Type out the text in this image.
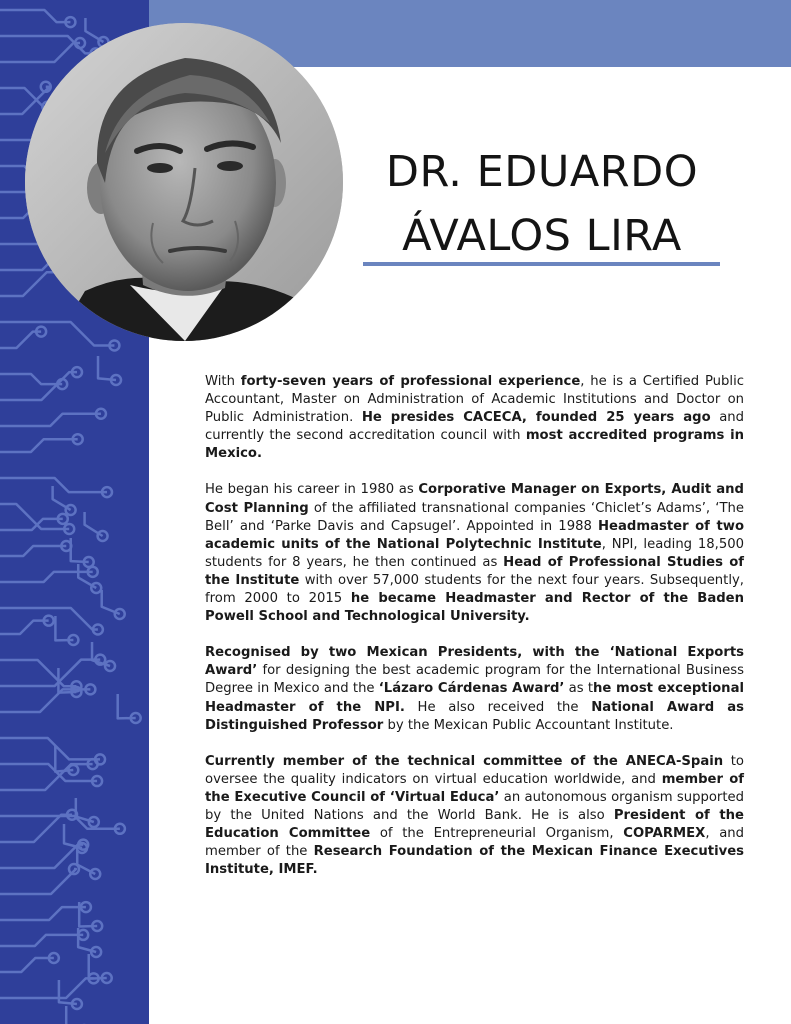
DR. EDUARDO
ÁVALOS LIRA

With forty-seven years of professional experience, he is a Certified Public Accountant, Master on Administration of Academic Institutions and Doctor on Public Administration. He presides CACECA, founded 25 years ago and currently the second accreditation council with most accredited programs in Mexico.

He began his career in 1980 as Corporative Manager on Exports, Audit and Cost Planning of the affiliated transnational companies ‘Chiclet’s Adams’, ‘The Bell’ and ‘Parke Davis and Capsugel’. Appointed in 1988 Headmaster of two academic units of the National Polytechnic Institute, NPI, leading 18,500 students for 8 years, he then continued as Head of Professional Studies of the Institute with over 57,000 students for the next four years. Subsequently, from 2000 to 2015 he became Headmaster and Rector of the Baden Powell School and Technological University.

Recognised by two Mexican Presidents, with the ‘National Exports Award’ for designing the best academic program for the International Business Degree in Mexico and the ‘Lázaro Cárdenas Award’ as the most exceptional Headmaster of the NPI. He also received the National Award as Distinguished Professor by the Mexican Public Accountant Institute.

Currently member of the technical committee of the ANECA-Spain to oversee the quality indicators on virtual education worldwide, and member of the Executive Council of ‘Virtual Educa’ an autonomous organism supported by the United Nations and the World Bank. He is also President of the Education Committee of the Entrepreneurial Organism, COPARMEX, and member of the Research Foundation of the Mexican Finance Executives Institute, IMEF.
